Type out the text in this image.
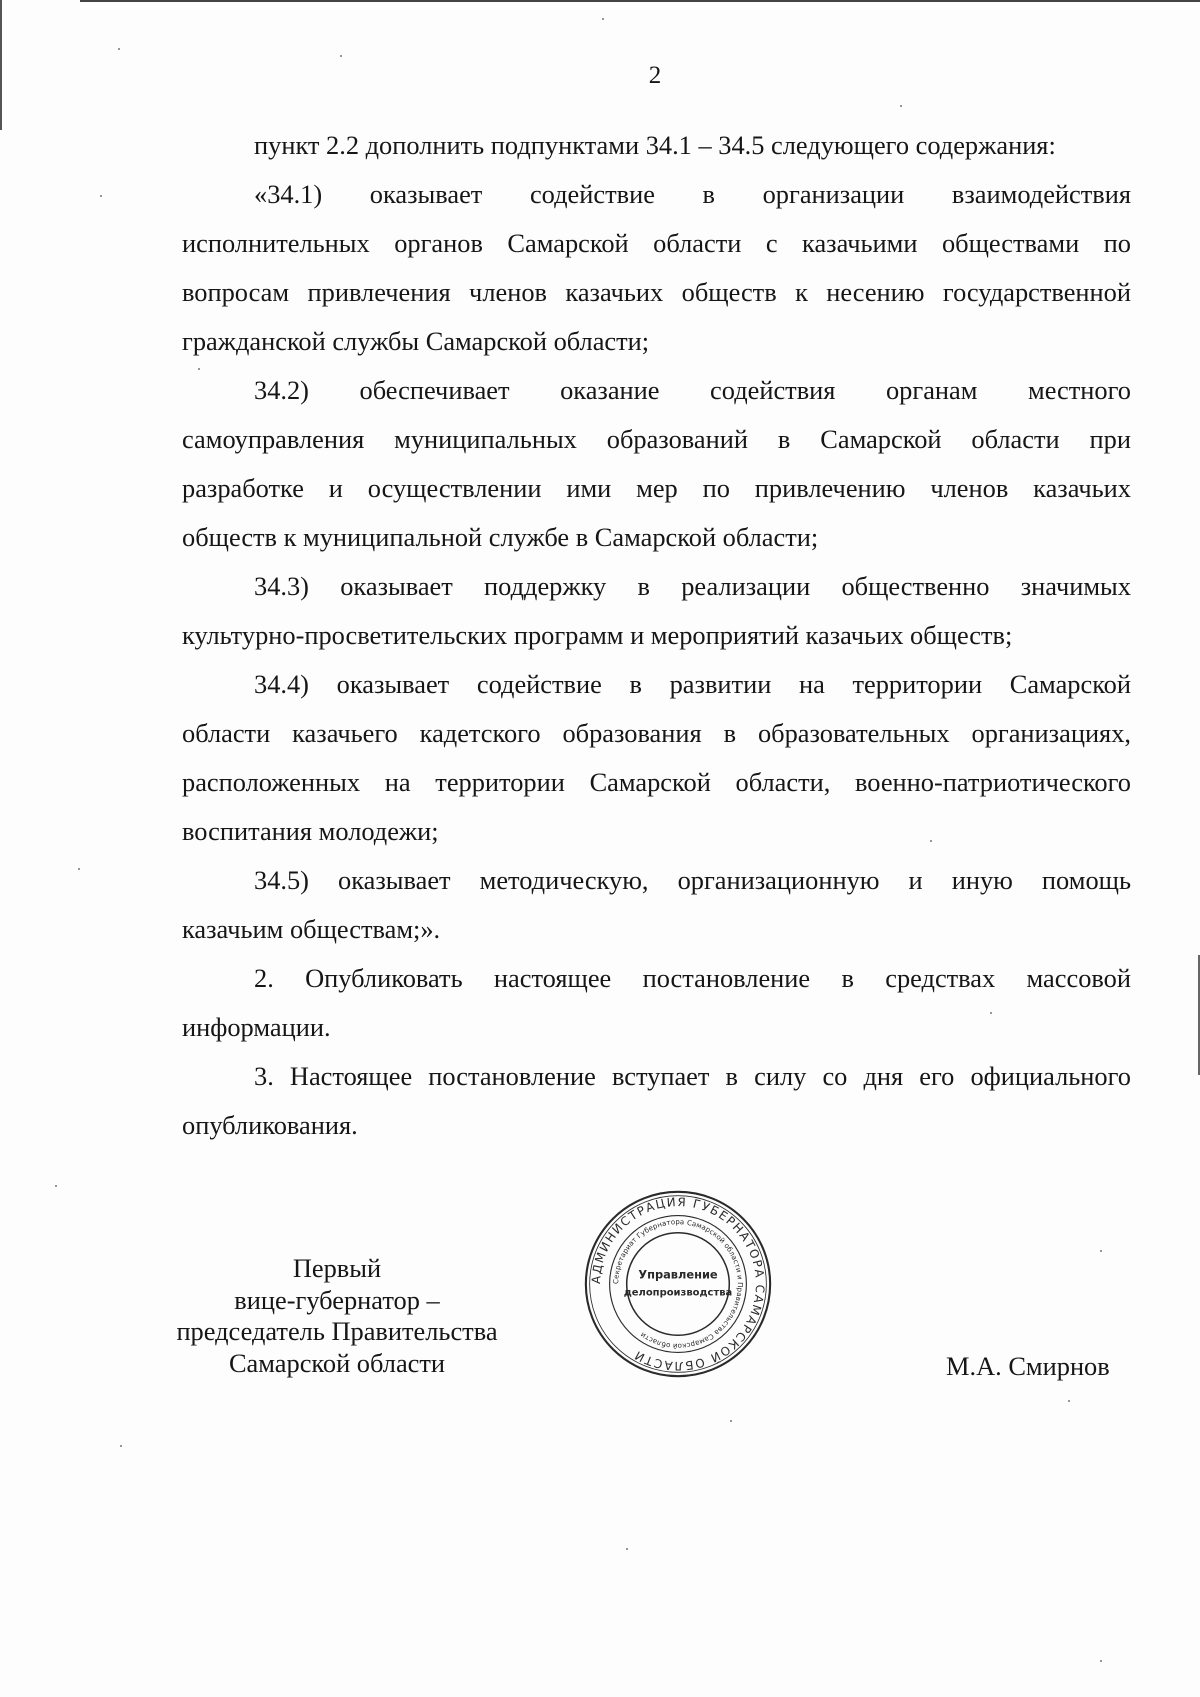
2
пункт 2.2 дополнить подпунктами 34.1 – 34.5 следующего содержания:
«34.1) оказывает содействие в организации взаимодействия
исполнительных органов Самарской области с казачьими обществами по
вопросам привлечения членов казачьих обществ к несению государственной
гражданской службы Самарской области;
34.2) обеспечивает оказание содействия органам местного
самоуправления муниципальных образований в Самарской области при
разработке и осуществлении ими мер по привлечению членов казачьих
обществ к муниципальной службе в Самарской области;
34.3) оказывает поддержку в реализации общественно значимых
культурно-просветительских программ и мероприятий казачьих обществ;
34.4) оказывает содействие в развитии на территории Самарской
области казачьего кадетского образования в образовательных организациях,
расположенных на территории Самарской области, военно-патриотического
воспитания молодежи;
34.5) оказывает методическую, организационную и иную помощь
казачьим обществам;».
2. Опубликовать настоящее постановление в средствах массовой
информации.
3. Настоящее постановление вступает в силу со дня его официального
опубликования.
Первый
вице-губернатор –
председатель Правительства
Самарской области
АДМИНИСТРАЦИЯ ГУБЕРНАТОРА САМАРСКОЙ ОБЛАСТИ
Секретариат Губернатора Самарской области и Правительства Самарской области
Управление
делопроизводства
М.А. Смирнов
